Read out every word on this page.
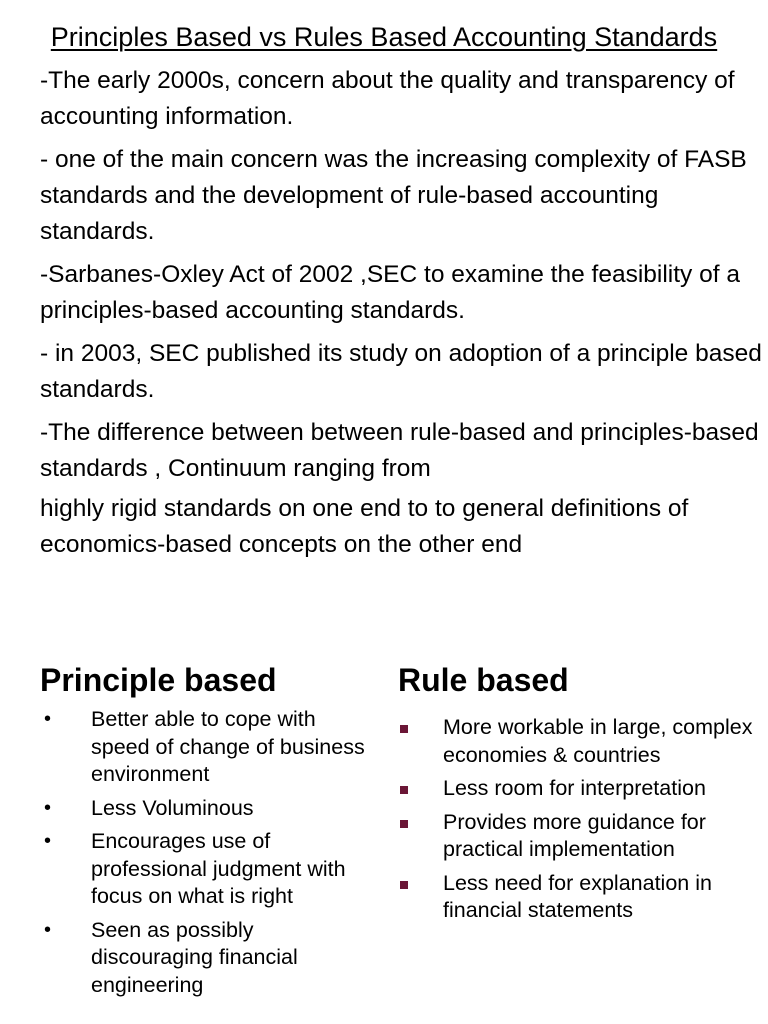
Principles Based vs Rules Based Accounting Standards

-The early 2000s, concern about the quality and transparency of accounting information.

- one of the main concern was the increasing complexity of FASB standards and the development of rule-based accounting standards.

-Sarbanes-Oxley Act of 2002 ,SEC to examine the feasibility of a principles-based accounting standards.

- in 2003, SEC published its study on adoption of a principle based standards.

-The difference between between rule-based and principles-based standards , Continuum ranging from

highly rigid standards on one end to to general definitions of economics-based concepts on the other end

Principle based
• Better able to cope with speed of change of business environment
• Less Voluminous
• Encourages use of professional judgment with focus on what is right
• Seen as possibly discouraging financial engineering
Rule based
More workable in large, complex economies & countries
Less room for interpretation
Provides more guidance for practical implementation
Less need for explanation in financial statements
